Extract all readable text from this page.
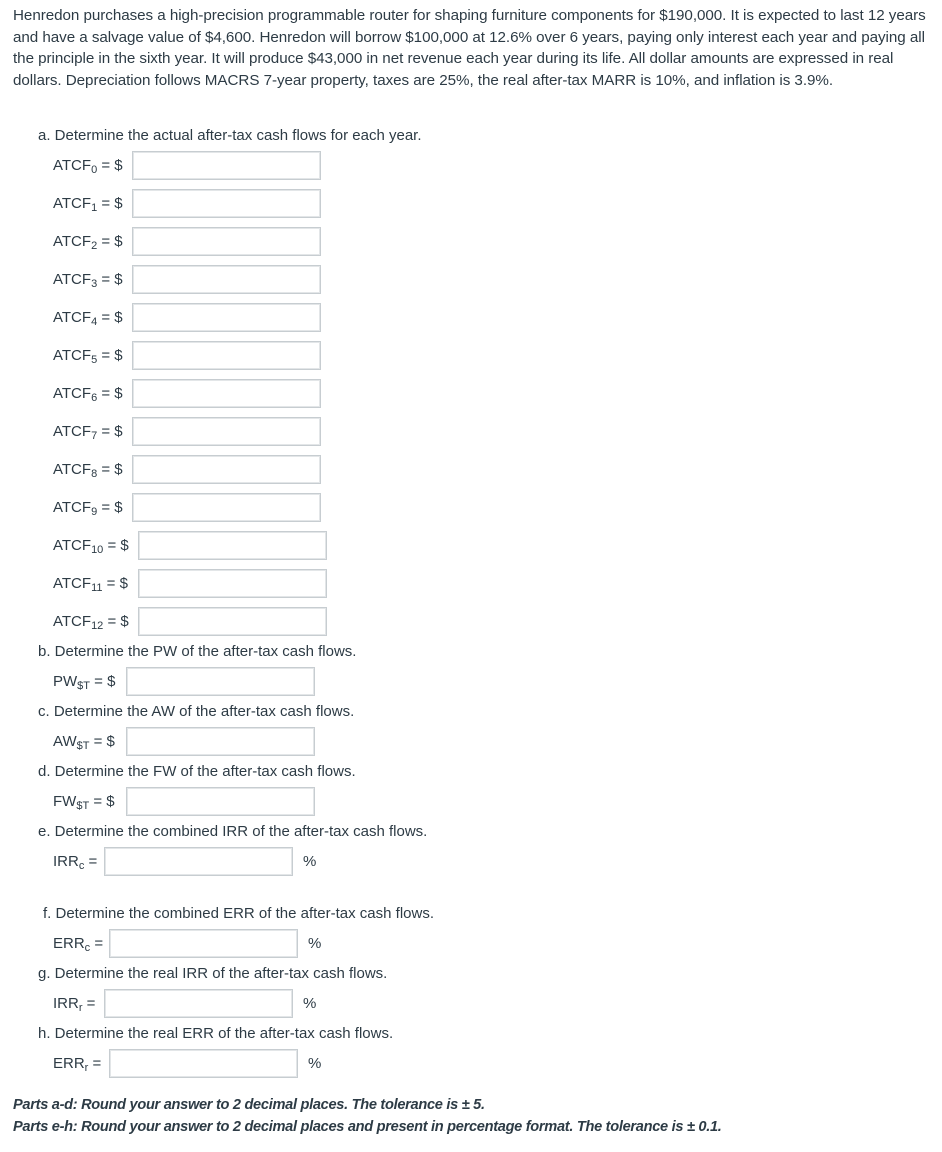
Henredon purchases a high-precision programmable router for shaping furniture components for $190,000. It is expected to last 12 years and have a salvage value of $4,600. Henredon will borrow $100,000 at 12.6% over 6 years, paying only interest each year and paying all the principle in the sixth year. It will produce $43,000 in net revenue each year during its life. All dollar amounts are expressed in real dollars. Depreciation follows MACRS 7-year property, taxes are 25%, the real after-tax MARR is 10%, and inflation is 3.9%.
a. Determine the actual after-tax cash flows for each year.
$ATCF_0$ = $
$ATCF_1$ = $
$ATCF_2$ = $
$ATCF_3$ = $
$ATCF_4$ = $
$ATCF_5$ = $
$ATCF_6$ = $
$ATCF_7$ = $
$ATCF_8$ = $
$ATCF_9$ = $
$ATCF_{10}$ = $
$ATCF_{11}$ = $
$ATCF_{12}$ = $
b. Determine the PW of the after-tax cash flows.
$PW_{\$T}$ = $
c. Determine the AW of the after-tax cash flows.
$AW_{\$T}$ = $
d. Determine the FW of the after-tax cash flows.
$FW_{\$T}$ = $
e. Determine the combined IRR of the after-tax cash flows.
$IRR_c$ =	%
f. Determine the combined ERR of the after-tax cash flows.
$ERR_c$ =	%
g. Determine the real IRR of the after-tax cash flows.
$IRR_r$ =	%
h. Determine the real ERR of the after-tax cash flows.
$ERR_r$ =	%
Parts a-d: Round your answer to 2 decimal places. The tolerance is ± 5.
Parts e-h: Round your answer to 2 decimal places and present in percentage format. The tolerance is ± 0.1.
